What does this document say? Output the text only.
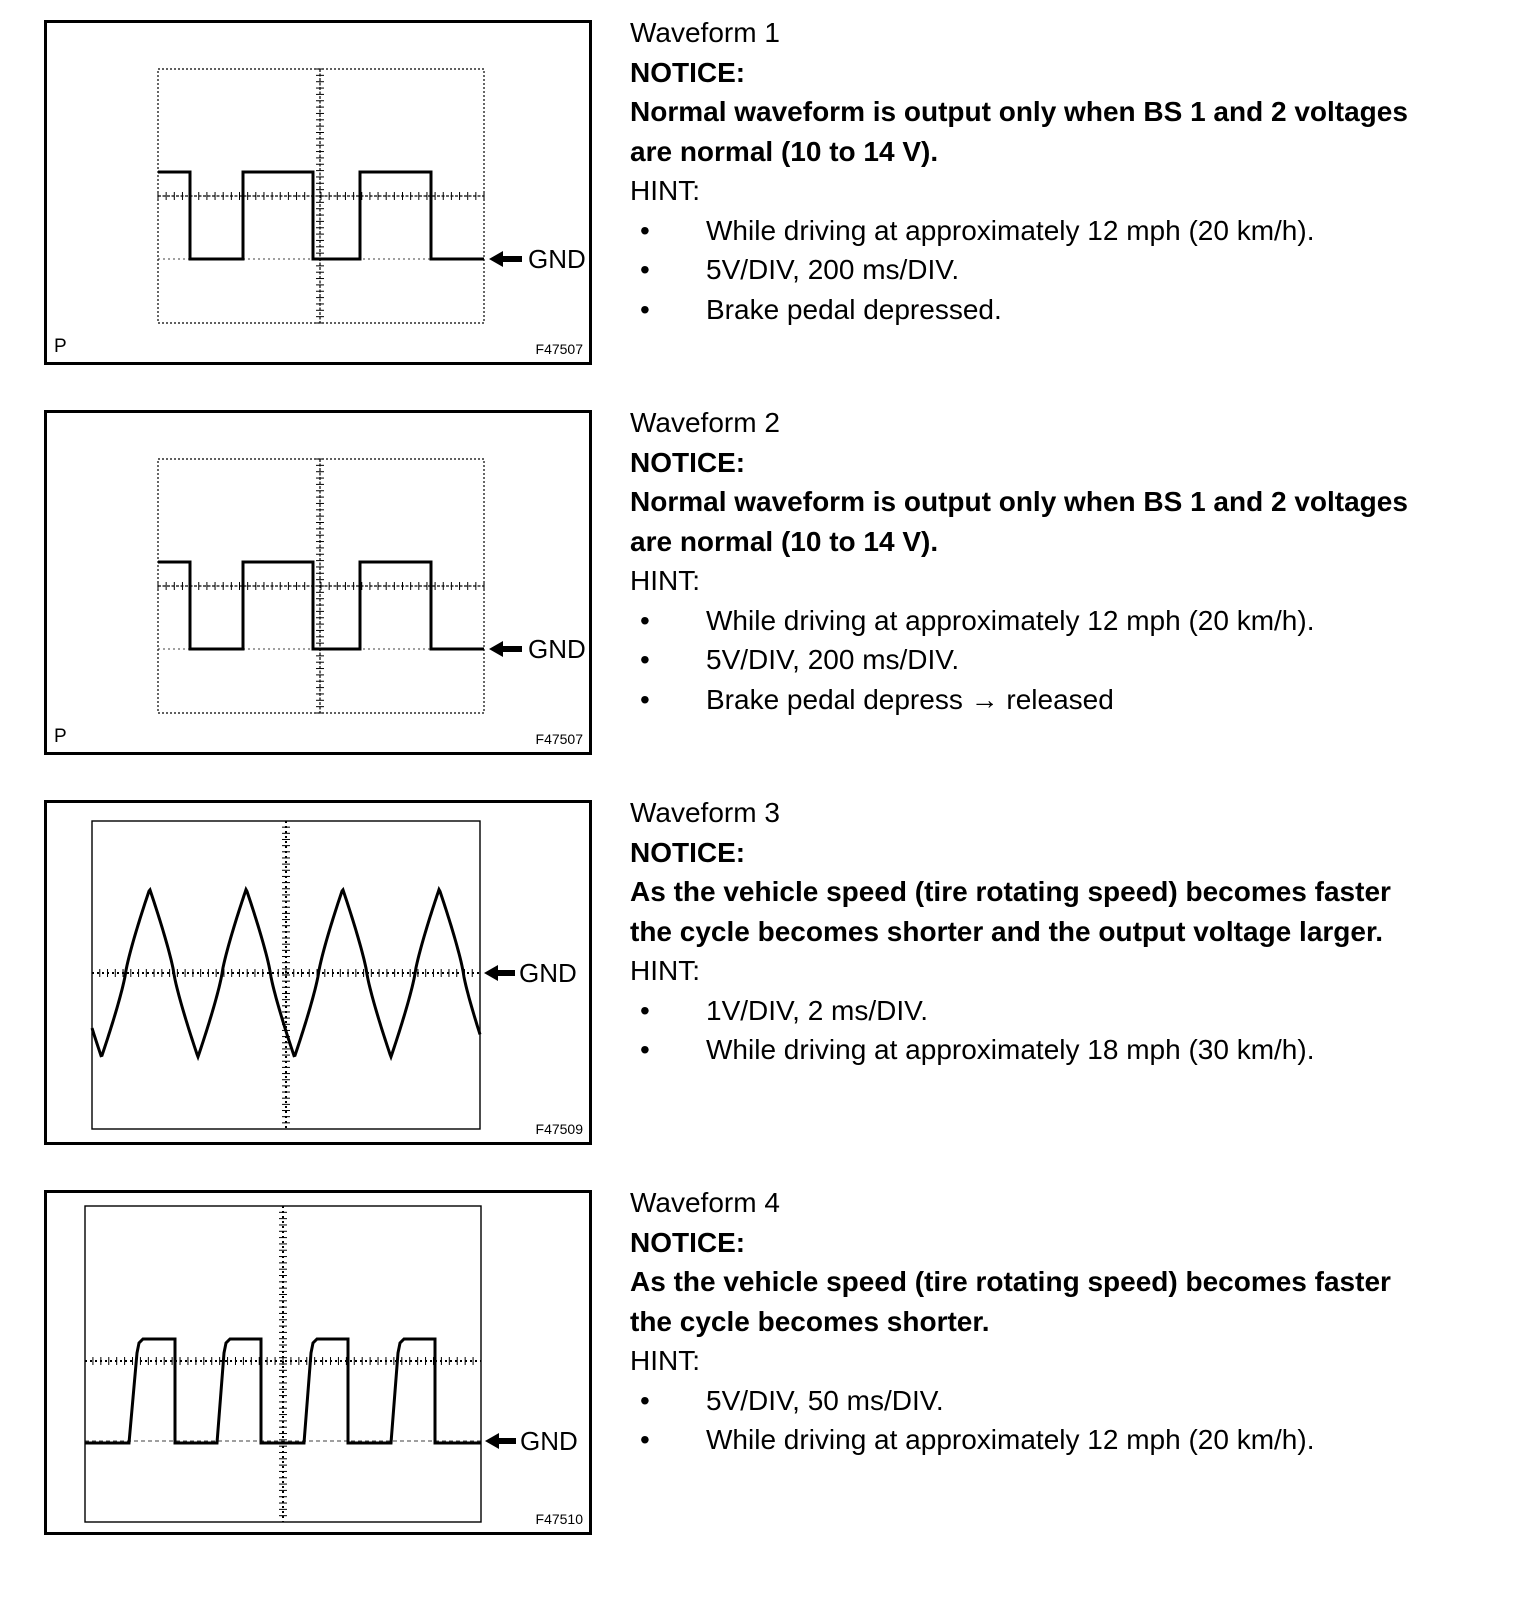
GND
P	F47507
Waveform 1
NOTICE:
Normal waveform is output only when BS 1 and 2 voltages
are normal (10 to 14 V).
HINT:
• While driving at approximately 12 mph (20 km/h).
• 5V/DIV, 200 ms/DIV.
• Brake pedal depressed.
GND
P	F47507
Waveform 2
NOTICE:
Normal waveform is output only when BS 1 and 2 voltages
are normal (10 to 14 V).
HINT:
• While driving at approximately 12 mph (20 km/h).
• 5V/DIV, 200 ms/DIV.
• Brake pedal depress → released
GND
F47509
Waveform 3
NOTICE:
As the vehicle speed (tire rotating speed) becomes faster
the cycle becomes shorter and the output voltage larger.
HINT:
• 1V/DIV, 2 ms/DIV.
• While driving at approximately 18 mph (30 km/h).
GND
F47510
Waveform 4
NOTICE:
As the vehicle speed (tire rotating speed) becomes faster
the cycle becomes shorter.
HINT:
• 5V/DIV, 50 ms/DIV.
• While driving at approximately 12 mph (20 km/h).
